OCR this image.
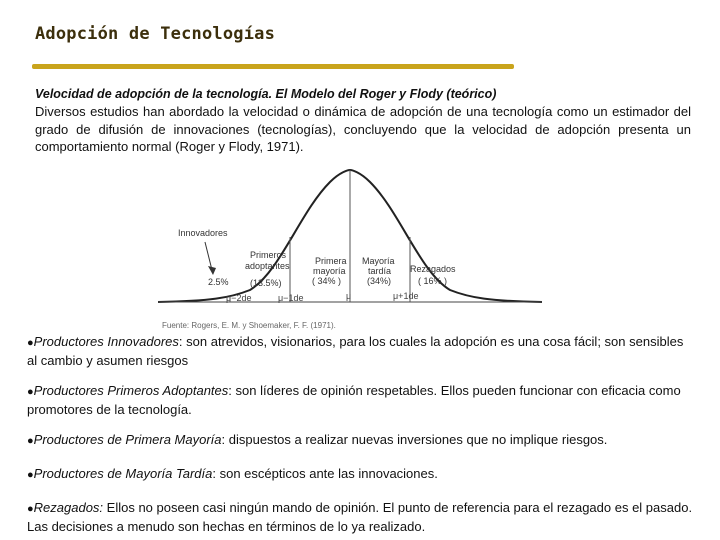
Adopción de Tecnologías
Velocidad de adopción de la tecnología. El Modelo del Roger y Flody (teórico)
Diversos estudios han abordado la velocidad o dinámica de adopción de una tecnología como un estimador del grado de difusión de innovaciones (tecnologías), concluyendo que la velocidad de adopción presenta un comportamiento normal (Roger y Flody, 1971).
Innovadores
2.5%
Primeros
adoptantes
(13.5%)
Primera
mayoría
( 34% )
Mayoría
tardía
(34%)
Rezagados
( 16% )
μ−2de	μ−1de	μ	μ+1de
Fuente: Rogers, E. M. y Shoemaker, F. F. (1971).
●Productores Innovadores: son atrevidos, visionarios, para los cuales la adopción es una cosa fácil; son sensibles al cambio y asumen riesgos
●Productores Primeros Adoptantes: son líderes de opinión respetables. Ellos pueden funcionar con eficacia como promotores de la tecnología.
●Productores de Primera Mayoría: dispuestos a realizar nuevas inversiones que no implique riesgos.
●Productores de Mayoría Tardía: son escépticos ante las innovaciones.
●Rezagados: Ellos no poseen casi ningún mando de opinión. El punto de referencia para el rezagado es el pasado. Las decisiones a menudo son hechas en términos de lo ya realizado.
